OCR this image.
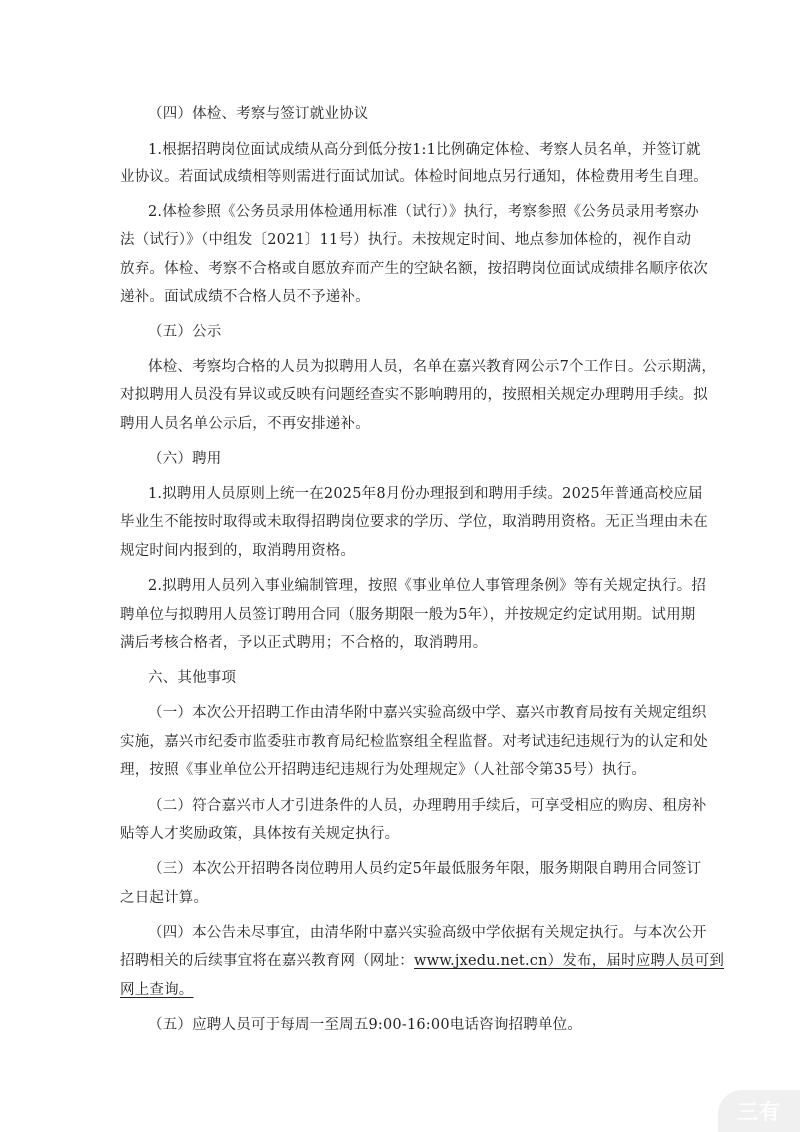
（四）体检、考察与签订就业协议

1.根据招聘岗位面试成绩从高分到低分按1:1比例确定体检、考察人员名单，并签订就

业协议。若面试成绩相等则需进行面试加试。体检时间地点另行通知，体检费用考生自理。

2.体检参照《公务员录用体检通用标准（试行）》执行，考察参照《公务员录用考察办

法（试行）》（中组发〔2021〕11号）执行。未按规定时间、地点参加体检的，视作自动

放弃。体检、考察不合格或自愿放弃而产生的空缺名额，按招聘岗位面试成绩排名顺序依次

递补。面试成绩不合格人员不予递补。

（五）公示

体检、考察均合格的人员为拟聘用人员，名单在嘉兴教育网公示7个工作日。公示期满，

对拟聘用人员没有异议或反映有问题经查实不影响聘用的，按照相关规定办理聘用手续。拟

聘用人员名单公示后，不再安排递补。

（六）聘用

1.拟聘用人员原则上统一在2025年8月份办理报到和聘用手续。2025年普通高校应届

毕业生不能按时取得或未取得招聘岗位要求的学历、学位，取消聘用资格。无正当理由未在

规定时间内报到的，取消聘用资格。

2.拟聘用人员列入事业编制管理，按照《事业单位人事管理条例》等有关规定执行。招

聘单位与拟聘用人员签订聘用合同（服务期限一般为5年），并按规定约定试用期。试用期

满后考核合格者，予以正式聘用；不合格的，取消聘用。

六、其他事项

（一）本次公开招聘工作由清华附中嘉兴实验高级中学、嘉兴市教育局按有关规定组织

实施，嘉兴市纪委市监委驻市教育局纪检监察组全程监督。对考试违纪违规行为的认定和处

理，按照《事业单位公开招聘违纪违规行为处理规定》（人社部令第35号）执行。

（二）符合嘉兴市人才引进条件的人员，办理聘用手续后，可享受相应的购房、租房补

贴等人才奖励政策，具体按有关规定执行。

（三）本次公开招聘各岗位聘用人员约定5年最低服务年限，服务期限自聘用合同签订

之日起计算。

（四）本公告未尽事宜，由清华附中嘉兴实验高级中学依据有关规定执行。与本次公开

招聘相关的后续事宜将在嘉兴教育网（网址：www.jxedu.net.cn）发布，届时应聘人员可到

网上查询。

（五）应聘人员可于每周一至周五9:00-16:00电话咨询招聘单位。

三有
